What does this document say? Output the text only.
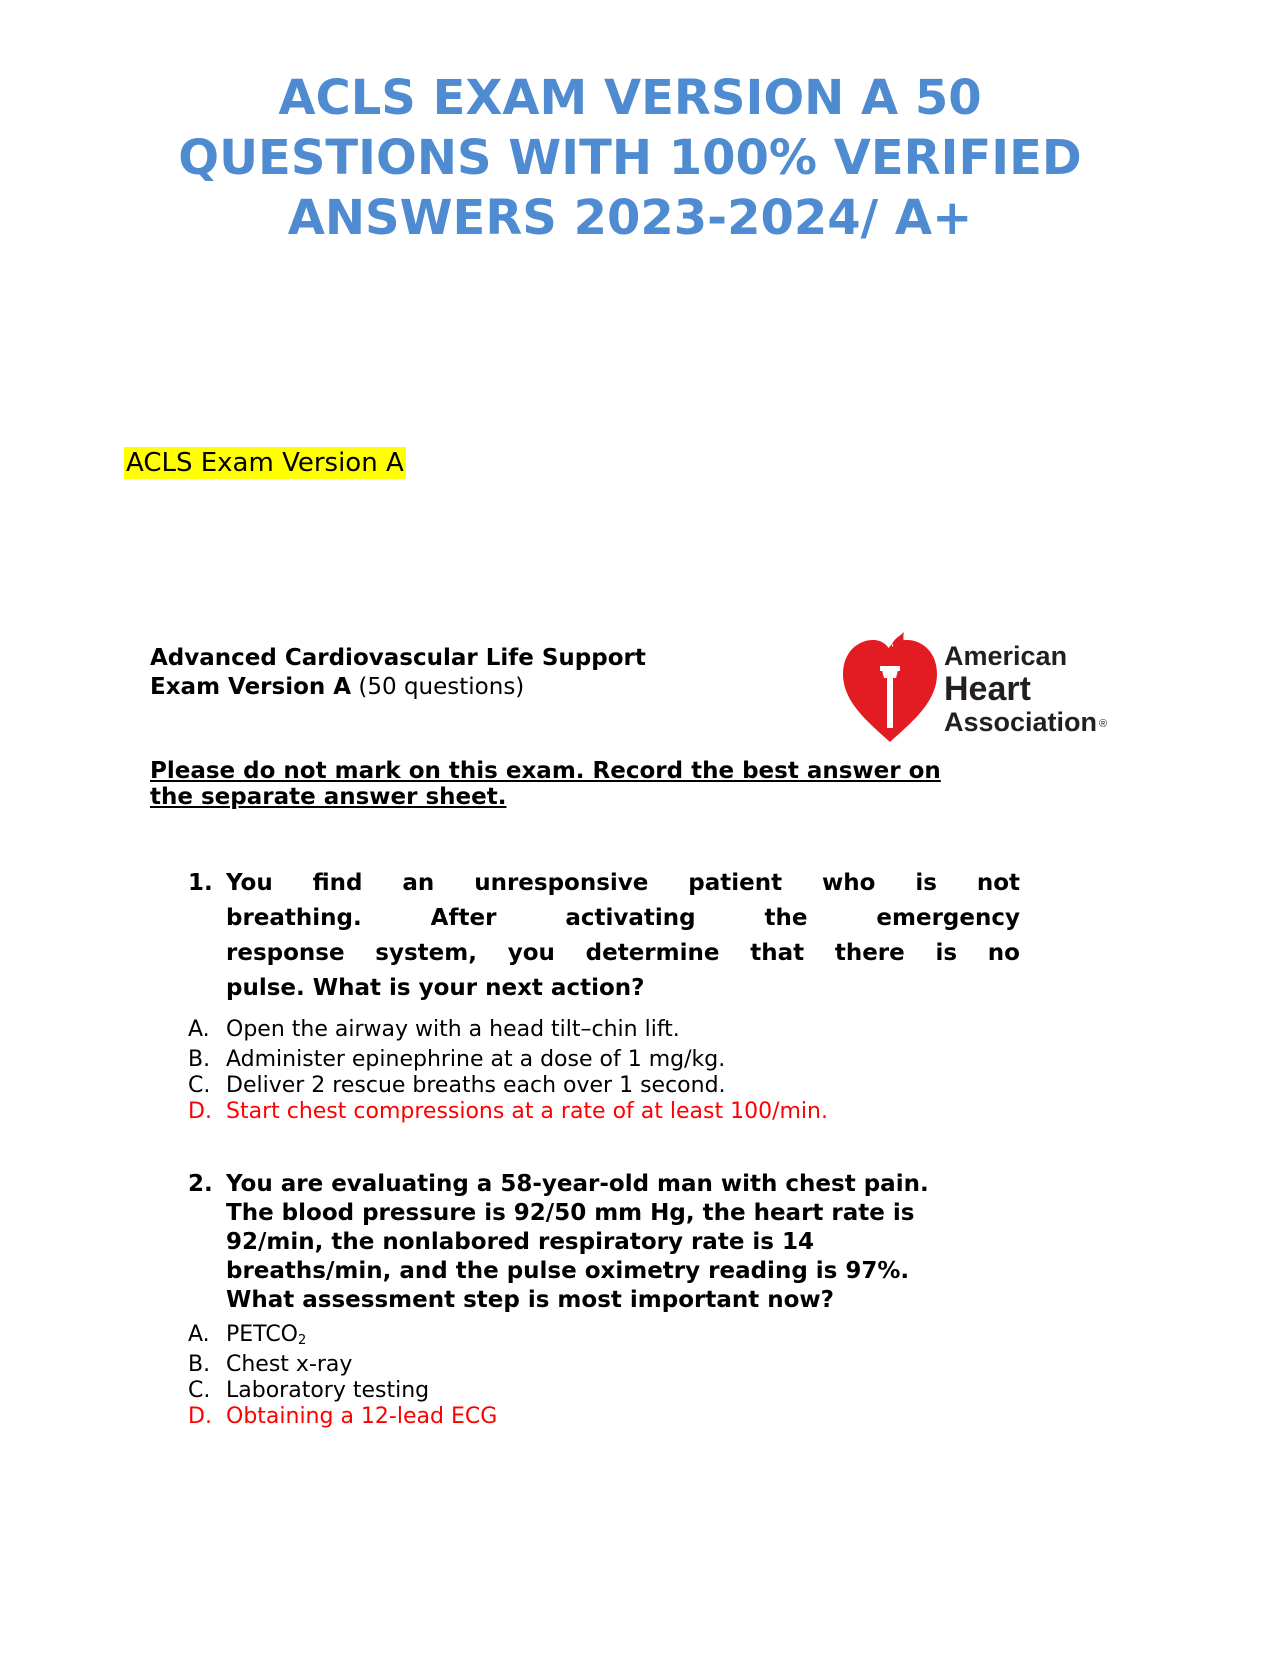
ACLS EXAM VERSION A 50
QUESTIONS WITH 100% VERIFIED
ANSWERS 2023-2024/ A+
ACLS Exam Version A
Advanced Cardiovascular Life Support Exam Version A (50 questions)
American
Heart
Association ®
Please do not mark on this exam. Record the best answer on
the separate answer sheet.
1. You find an unresponsive patient who is not
breathing. After activating the emergency
response system, you determine that there is no
pulse. What is your next action?
A. Open the airway with a head tilt–chin lift.
B. Administer epinephrine at a dose of 1 mg/kg.
C. Deliver 2 rescue breaths each over 1 second.
D. Start chest compressions at a rate of at least 100/min.
2. You are evaluating a 58-year-old man with chest pain.
The blood pressure is 92/50 mm Hg, the heart rate is
92/min, the nonlabored respiratory rate is 14
breaths/min, and the pulse oximetry reading is 97%.
What assessment step is most important now?
A. $PETCO_2$
B. Chest x-ray
C. Laboratory testing
D. Obtaining a 12-lead ECG
